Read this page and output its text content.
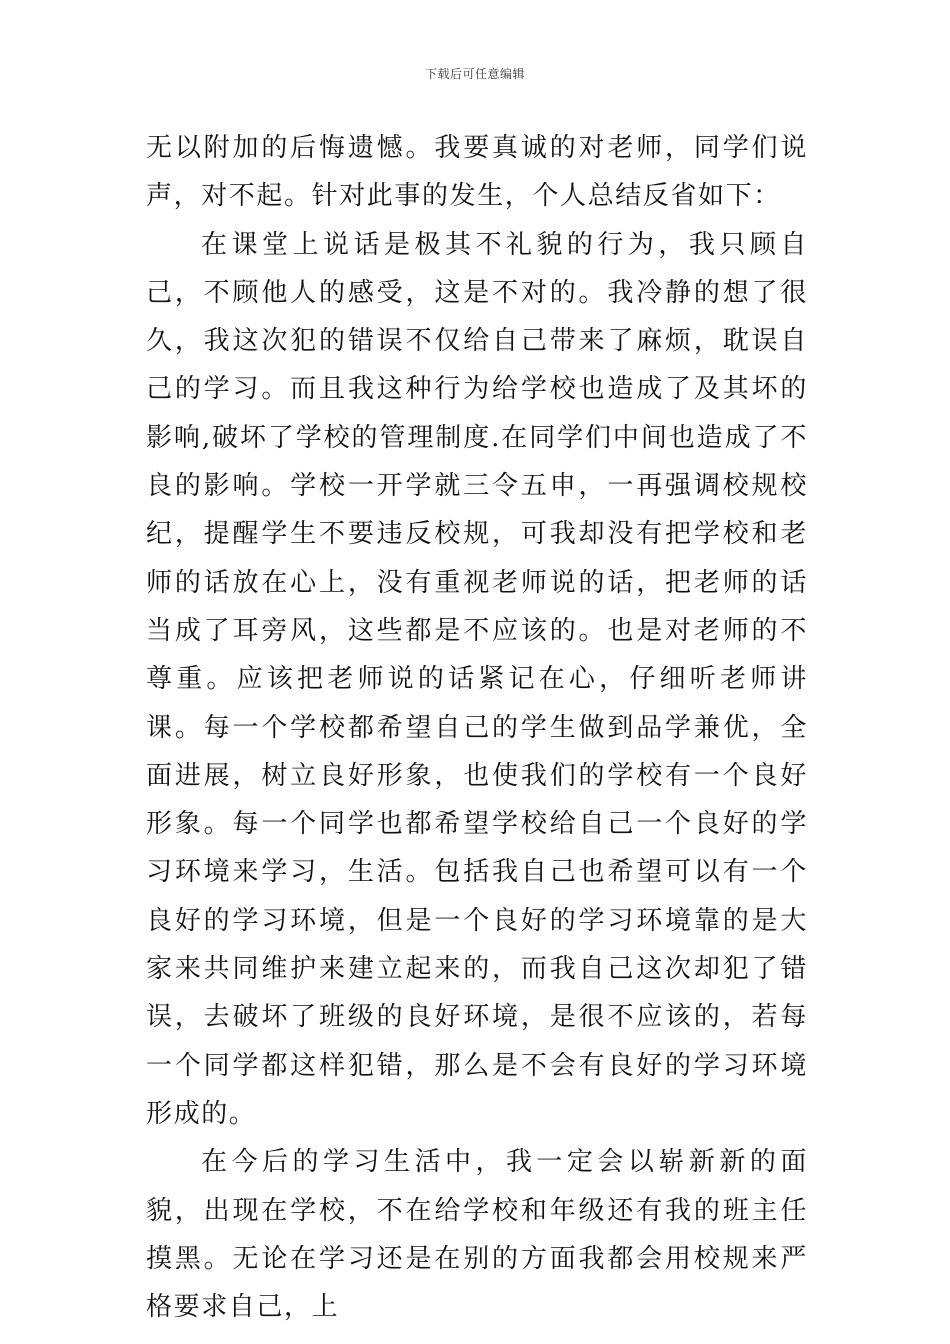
下载后可任意编辑

无以附加的后悔遗憾。我要真诚的对老师，同学们说声，对不起。针对此事的发生，个人总结反省如下：

在课堂上说话是极其不礼貌的行为，我只顾自己，不顾他人的感受，这是不对的。我冷静的想了很久，我这次犯的错误不仅给自己带来了麻烦，耽误自己的学习。而且我这种行为给学校也造成了及其坏的影响,破坏了学校的管理制度.在同学们中间也造成了不良的影响。学校一开学就三令五申，一再强调校规校纪，提醒学生不要违反校规，可我却没有把学校和老师的话放在心上，没有重视老师说的话，把老师的话当成了耳旁风，这些都是不应该的。也是对老师的不尊重。应该把老师说的话紧记在心，仔细听老师讲课。每一个学校都希望自己的学生做到品学兼优，全面进展，树立良好形象，也使我们的学校有一个良好形象。每一个同学也都希望学校给自己一个良好的学习环境来学习，生活。包括我自己也希望可以有一个良好的学习环境，但是一个良好的学习环境靠的是大家来共同维护来建立起来的，而我自己这次却犯了错误，去破坏了班级的良好环境，是很不应该的，若每一个同学都这样犯错，那么是不会有良好的学习环境形成的。

在今后的学习生活中，我一定会以崭新新的面貌，出现在学校，不在给学校和年级还有我的班主任摸黑。无论在学习还是在别的方面我都会用校规来严格要求自己，上
